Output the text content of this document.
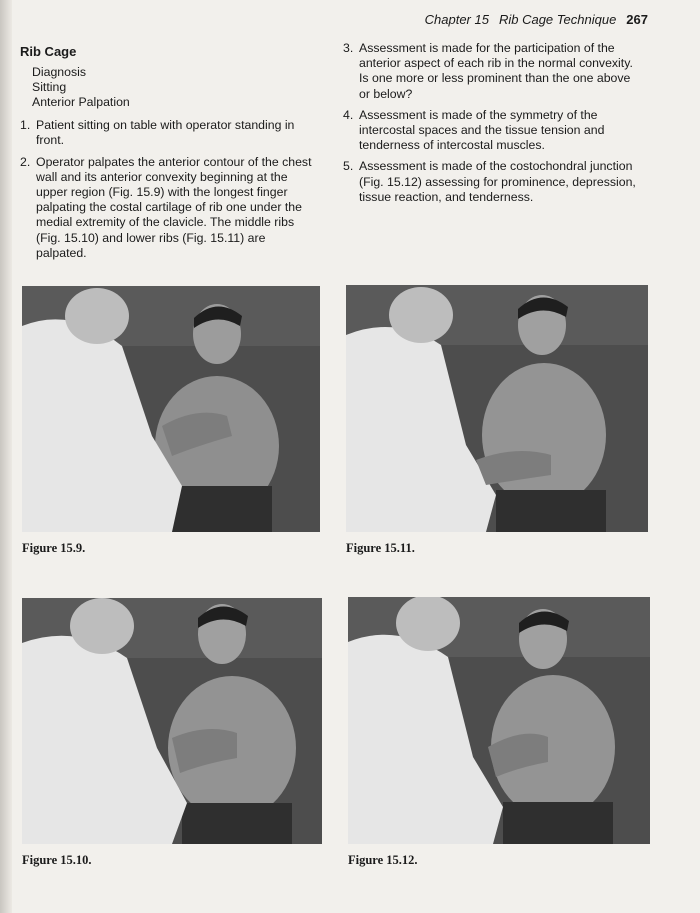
Chapter 15 Rib Cage Technique 267
Rib Cage
Diagnosis
Sitting
Anterior Palpation
1. Patient sitting on table with operator standing in front.
2. Operator palpates the anterior contour of the chest wall and its anterior convexity beginning at the upper region (Fig. 15.9) with the longest finger palpating the costal cartilage of rib one under the medial extremity of the clavicle. The middle ribs (Fig. 15.10) and lower ribs (Fig. 15.11) are palpated.
3. Assessment is made for the participation of the anterior aspect of each rib in the normal convexity. Is one more or less prominent than the one above or below?
4. Assessment is made of the symmetry of the intercostal spaces and the tissue tension and tenderness of intercostal muscles.
5. Assessment is made of the costochondral junction (Fig. 15.12) assessing for prominence, depression, tissue reaction, and tenderness.
Figure 15.9.	Figure 15.11.
Figure 15.10.	Figure 15.12.
